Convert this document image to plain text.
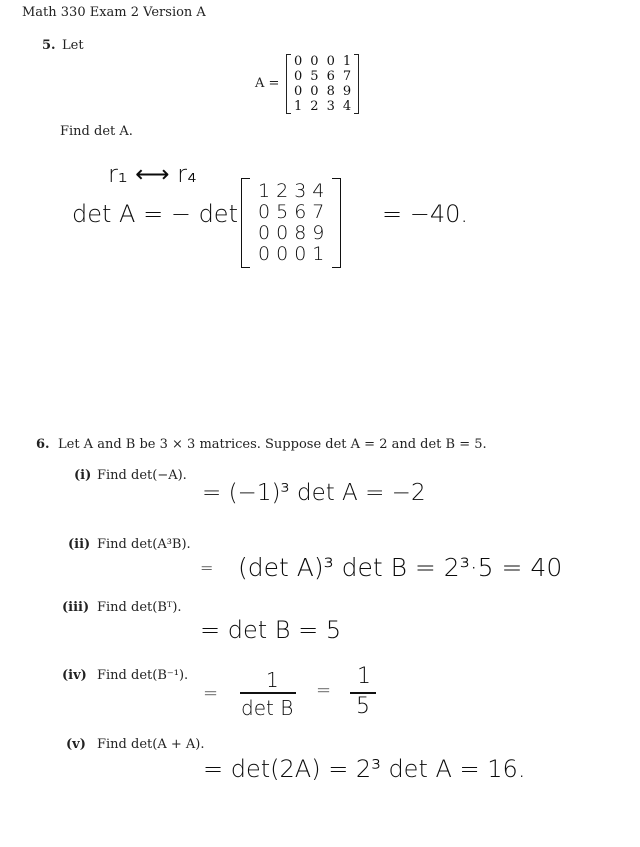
Math 330 Exam 2 Version A
5. Let
A =
0	0	0	1
0	5	6	7
0	0	8	9
1	2	3	4
Find det A.
r₁ ⟷ r₄
det A = − det
1	2	3	4
0	5	6	7
0	0	8	9
0	0	0	1
= −40.
6. Let A and B be 3 × 3 matrices. Suppose det A = 2 and det B = 5.
(i) Find det(−A).
= (−1)³ det A = −2
(ii) Find det(A³B).
= (det A)³ det B = 2³·5 = 40
(iii) Find det(Bᵀ).
= det B = 5
(iv) Find det(B⁻¹).
=
1
det B
=
1
5
(v) Find det(A + A).
= det(2A) = 2³ det A = 16.
